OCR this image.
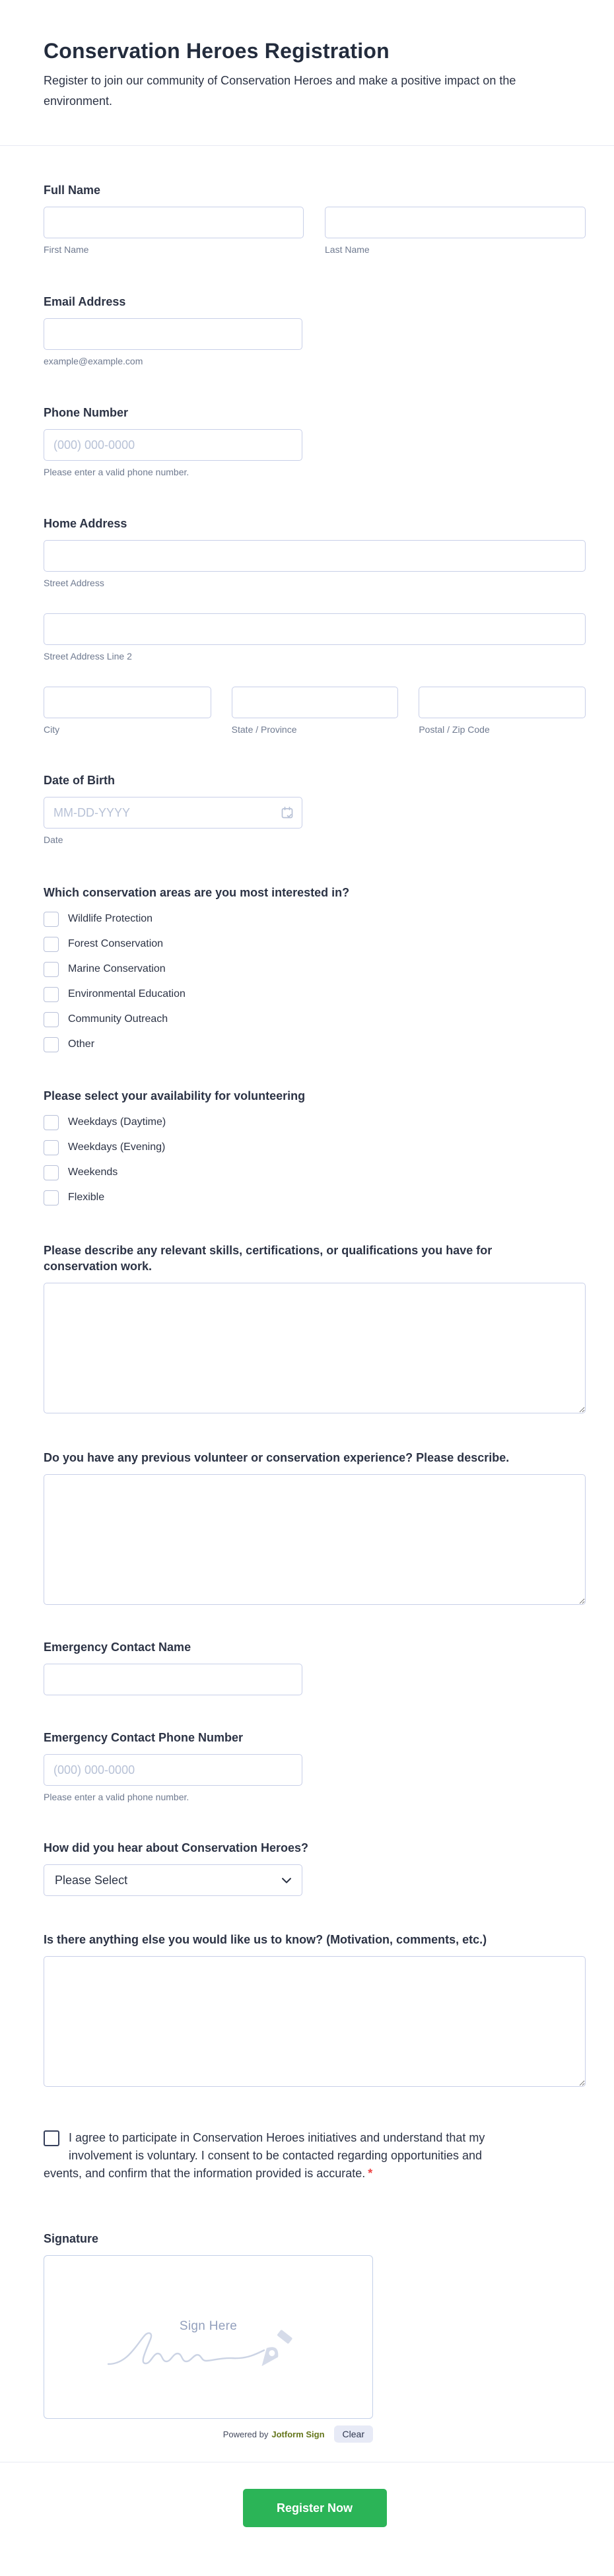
Conservation Heroes Registration
Register to join our community of Conservation Heroes and make a positive impact on the environment.
Full Name
First Name	Last Name
Email Address
example@example.com
Phone Number
(000) 000-0000
Please enter a valid phone number.
Home Address
Street Address
Street Address Line 2
City	State / Province	Postal / Zip Code
Date of Birth
MM-DD-YYYY
Date
Which conservation areas are you most interested in?
Wildlife Protection
Forest Conservation
Marine Conservation
Environmental Education
Community Outreach
Other
Please select your availability for volunteering
Weekdays (Daytime)
Weekdays (Evening)
Weekends
Flexible
Please describe any relevant skills, certifications, or qualifications you have for conservation work.
Do you have any previous volunteer or conservation experience? Please describe.
Emergency Contact Name
Emergency Contact Phone Number
(000) 000-0000
Please enter a valid phone number.
How did you hear about Conservation Heroes?
Please Select
Is there anything else you would like us to know? (Motivation, comments, etc.)
I agree to participate in Conservation Heroes initiatives and understand that my involvement is voluntary. I consent to be contacted regarding opportunities and events, and confirm that the information provided is accurate. *
Signature
Sign Here
Powered by Jotform Sign	Clear
Register Now
